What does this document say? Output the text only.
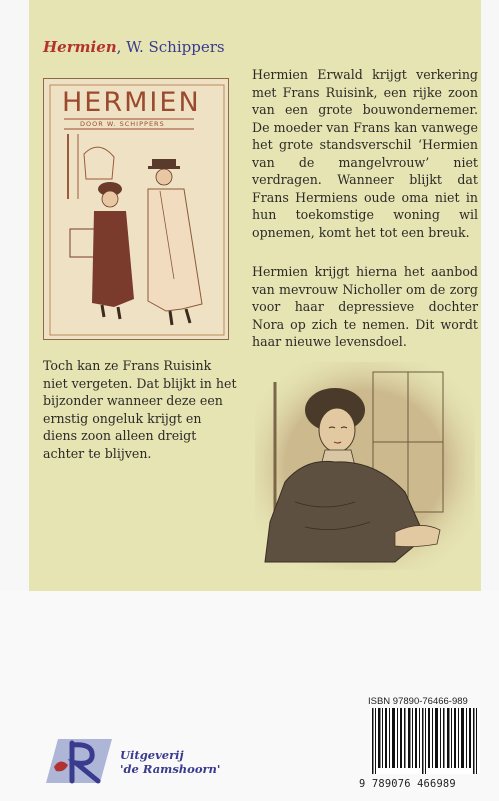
Hermien, W. Schippers
HERMIEN
DOOR W. SCHIPPERS

Hermien Erwald krijgt verkering met Frans Ruisink, een rijke zoon van een grote bouwondernemer. De moeder van Frans kan vanwege het grote standsverschil ‘Hermien van de mangelvrouw’ niet verdragen. Wanneer blijkt dat Frans Hermiens oude oma niet in hun toekomstige woning wil opnemen, komt het tot een breuk.

Hermien krijgt hierna het aanbod van mevrouw Nicholler om de zorg voor haar depressieve dochter Nora op zich te nemen. Dit wordt haar nieuwe levensdoel.

Toch kan ze Frans Ruisink niet vergeten. Dat blijkt in het bijzonder wanneer deze een ernstig ongeluk krijgt en diens zoon alleen dreigt achter te blijven.

ISBN 97890-76466-989
9 789076 466989
Uitgeverij
'de Ramshoorn'
